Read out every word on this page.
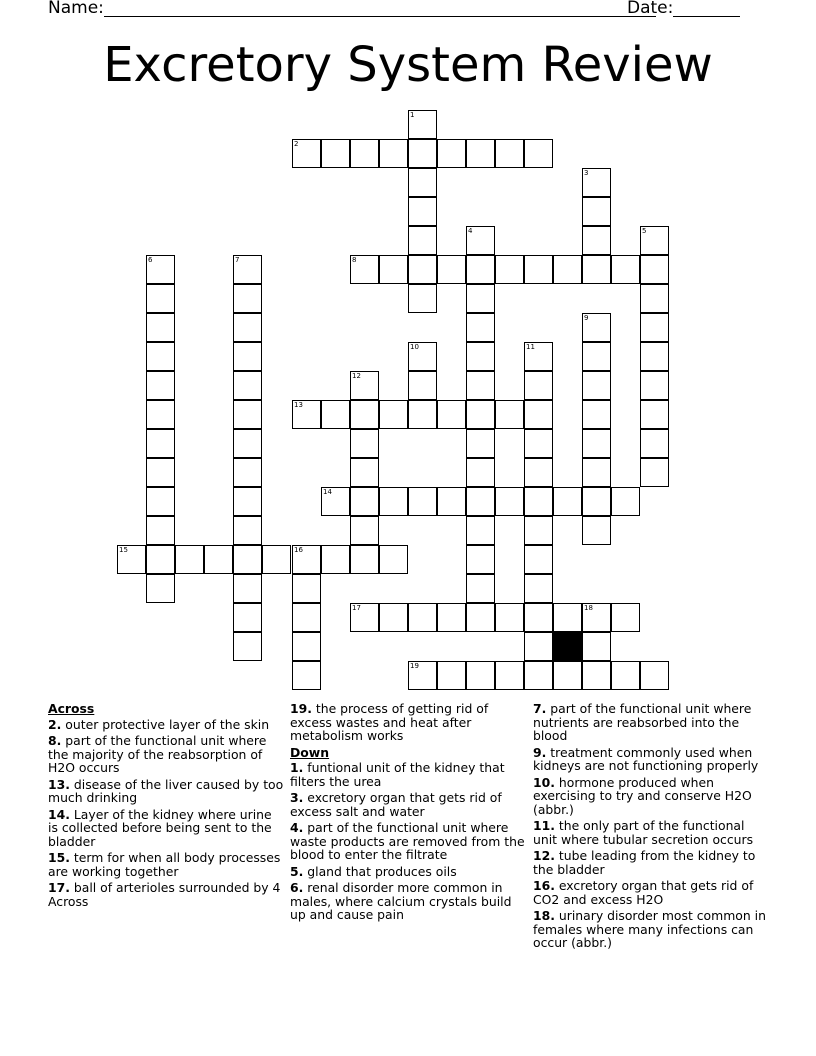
Name:	Date:
Excretory System Review
1
2
3
4	5
8
6	7
9
10	11
12
13
14
15	16
17	18
19
Across
2. outer protective layer of the skin
8. part of the functional unit where the majority of the reabsorption of H2O occurs
13. disease of the liver caused by too much drinking
14. Layer of the kidney where urine is collected before being sent to the bladder
15. term for when all body processes are working together
17. ball of arterioles surrounded by 4 Across
19. the process of getting rid of excess wastes and heat after metabolism works
Down
1. funtional unit of the kidney that filters the urea
3. excretory organ that gets rid of excess salt and water
4. part of the functional unit where waste products are removed from the blood to enter the filtrate
5. gland that produces oils
6. renal disorder more common in males, where calcium crystals build up and cause pain
7. part of the functional unit where nutrients are reabsorbed into the blood
9. treatment commonly used when kidneys are not functioning properly
10. hormone produced when exercising to try and conserve H2O (abbr.)
11. the only part of the functional unit where tubular secretion occurs
12. tube leading from the kidney to the bladder
16. excretory organ that gets rid of CO2 and excess H2O
18. urinary disorder most common in females where many infections can occur (abbr.)
